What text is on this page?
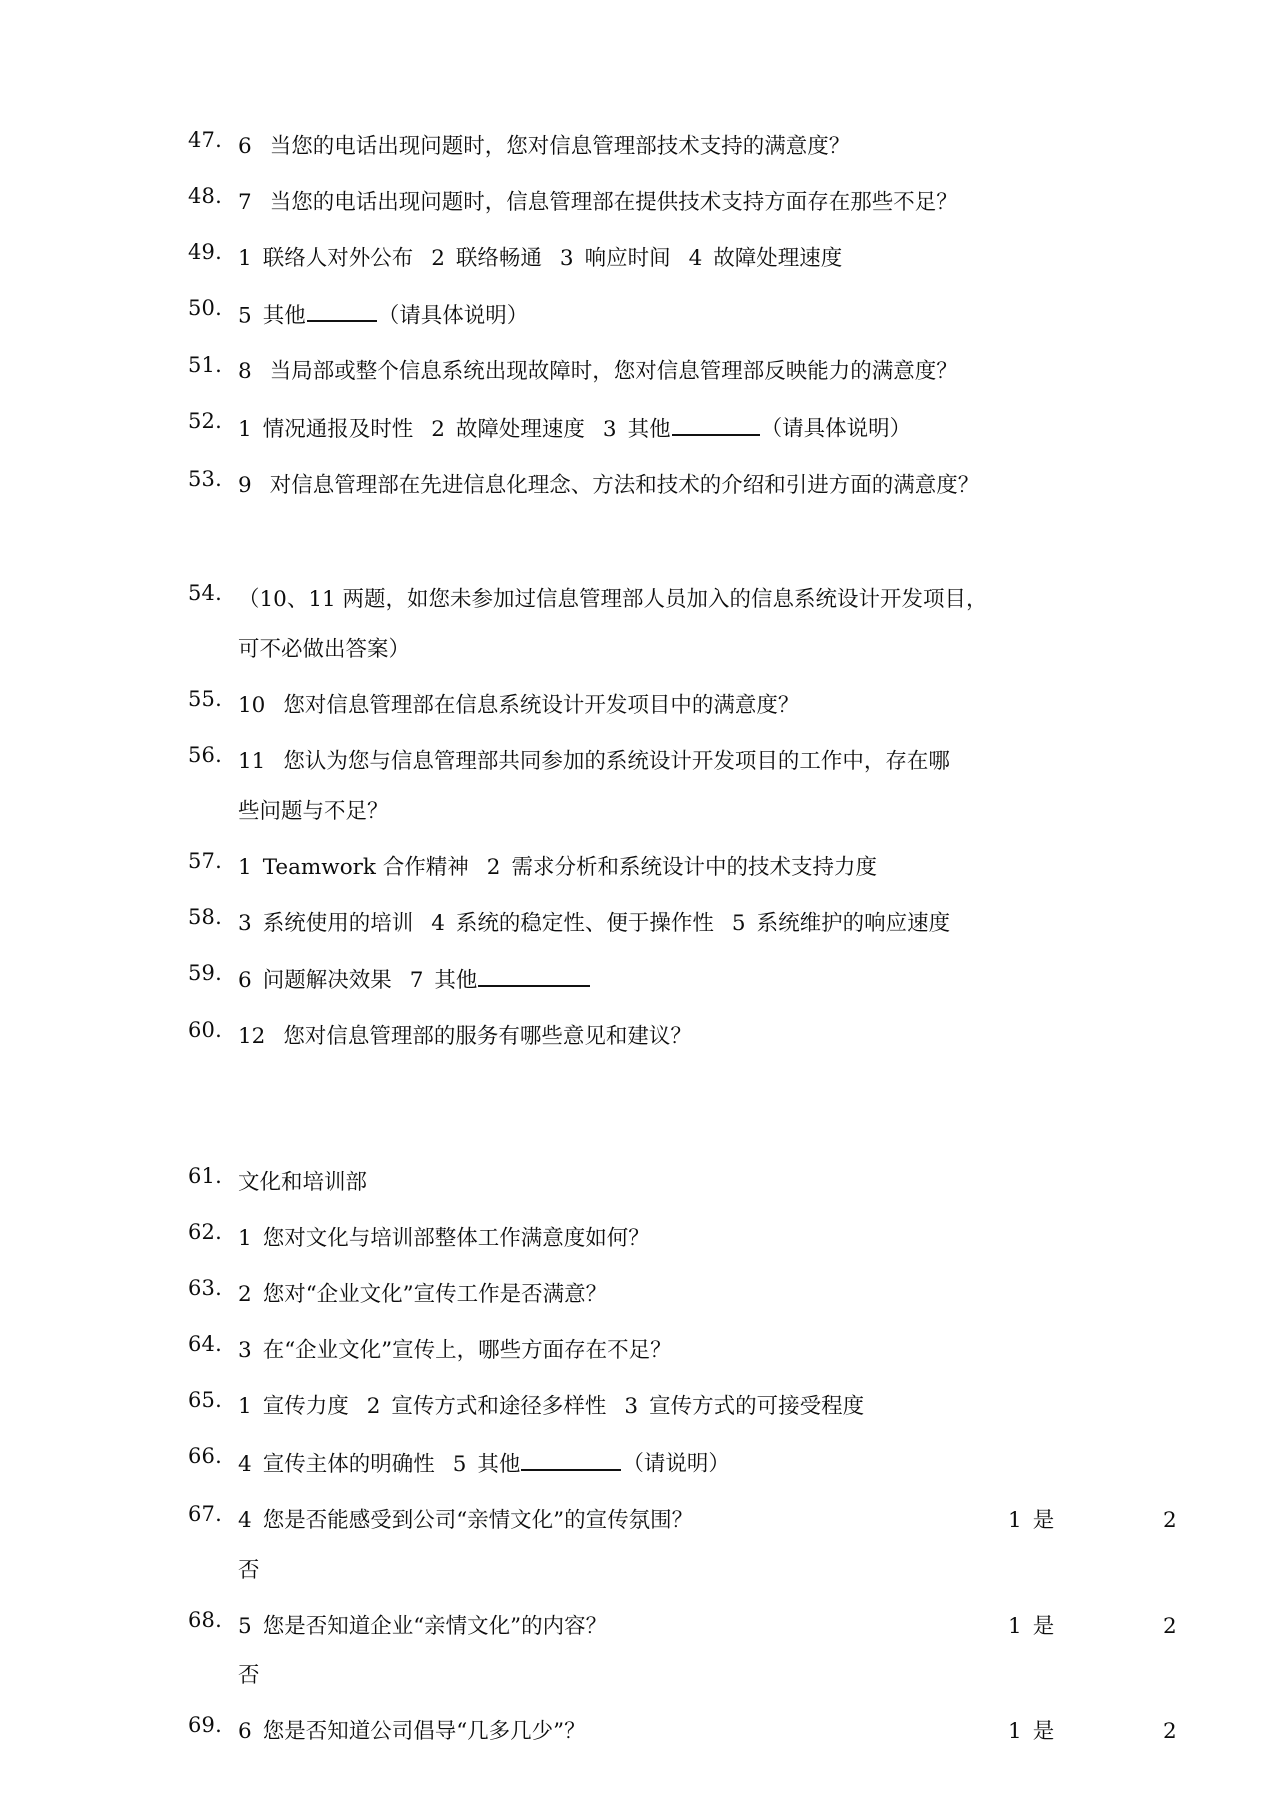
47. 6 当您的电话出现问题时，您对信息管理部技术支持的满意度？
48. 7 当您的电话出现问题时，信息管理部在提供技术支持方面存在那些不足？
49. 1 联络人对外公布 2 联络畅通 3 响应时间 4 故障处理速度
50. 5 其他	（请具体说明）
51. 8 当局部或整个信息系统出现故障时，您对信息管理部反映能力的满意度？
52. 1 情况通报及时性 2 故障处理速度 3 其他	（请具体说明）
53. 9 对信息管理部在先进信息化理念、方法和技术的介绍和引进方面的满意度？
54. （10、11 两题，如您未参加过信息管理部人员加入的信息系统设计开发项目，
可不必做出答案）
55. 10 您对信息管理部在信息系统设计开发项目中的满意度？
56. 11 您认为您与信息管理部共同参加的系统设计开发项目的工作中，存在哪
些问题与不足？
57. 1 Teamwork 合作精神 2 需求分析和系统设计中的技术支持力度
58. 3 系统使用的培训 4 系统的稳定性、便于操作性 5 系统维护的响应速度
59. 6 问题解决效果 7 其他
60. 12 您对信息管理部的服务有哪些意见和建议？
61. 文化和培训部
62. 1 您对文化与培训部整体工作满意度如何？
63. 2 您对“企业文化”宣传工作是否满意？
64. 3 在“企业文化”宣传上，哪些方面存在不足？
65. 1 宣传力度 2 宣传方式和途径多样性 3 宣传方式的可接受程度
66. 4 宣传主体的明确性 5 其他	（请说明）
67. 4 您是否能感受到公司“亲情文化”的宣传氛围？	1 是	2
否
68. 5 您是否知道企业“亲情文化”的内容？	1 是	2
否
69. 6 您是否知道公司倡导“几多几少”？	1 是	2
